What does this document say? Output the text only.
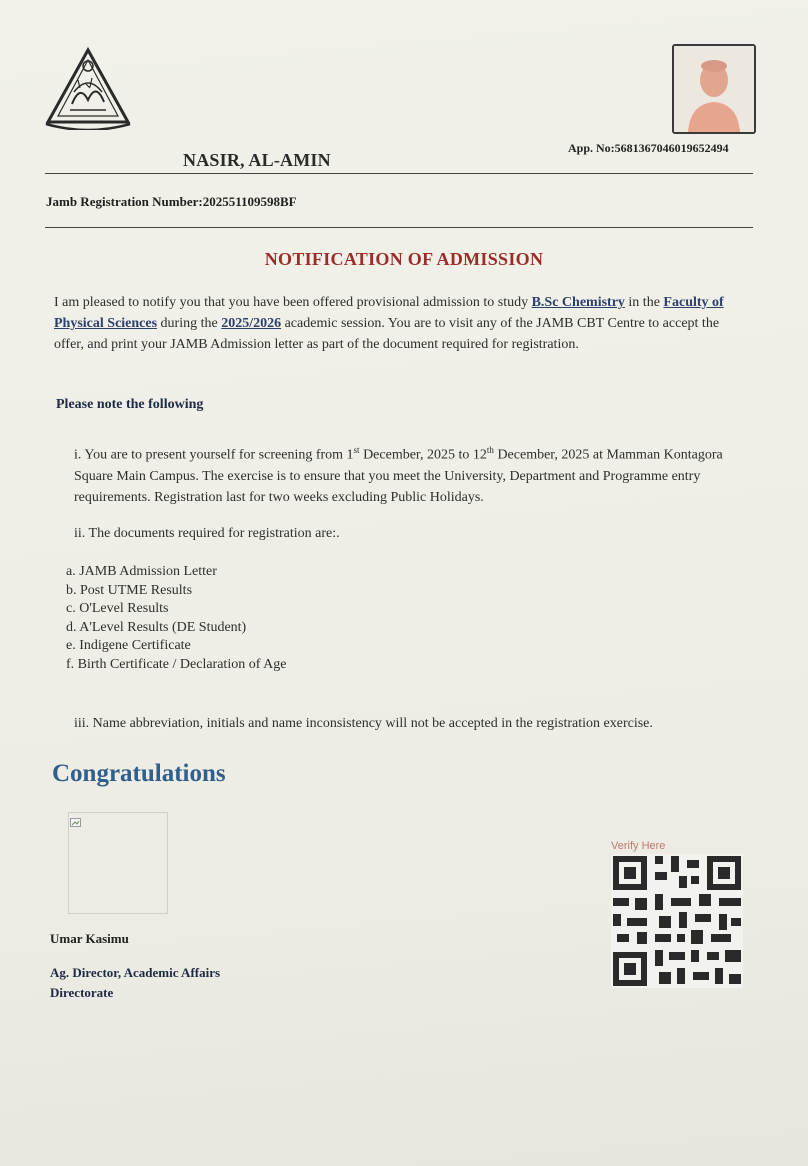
App. No:5681367046019652494
NASIR, AL-AMIN
Jamb Registration Number:202551109598BF
NOTIFICATION OF ADMISSION
I am pleased to notify you that you have been offered provisional admission to study B.Sc Chemistry in the Faculty of Physical Sciences during the 2025/2026 academic session. You are to visit any of the JAMB CBT Centre to accept the offer, and print your JAMB Admission letter as part of the document required for registration.
Please note the following
i. You are to present yourself for screening from 1st December, 2025 to 12th December, 2025 at Mamman Kontagora Square Main Campus. The exercise is to ensure that you meet the University, Department and Programme entry requirements. Registration last for two weeks excluding Public Holidays.
ii. The documents required for registration are:.
a. JAMB Admission Letter
b. Post UTME Results
c. O'Level Results
d. A'Level Results (DE Student)
e. Indigene Certificate
f. Birth Certificate / Declaration of Age
iii. Name abbreviation, initials and name inconsistency will not be accepted in the registration exercise.
Congratulations
Umar Kasimu
Ag. Director, Academic Affairs
Directorate
Verify Here
